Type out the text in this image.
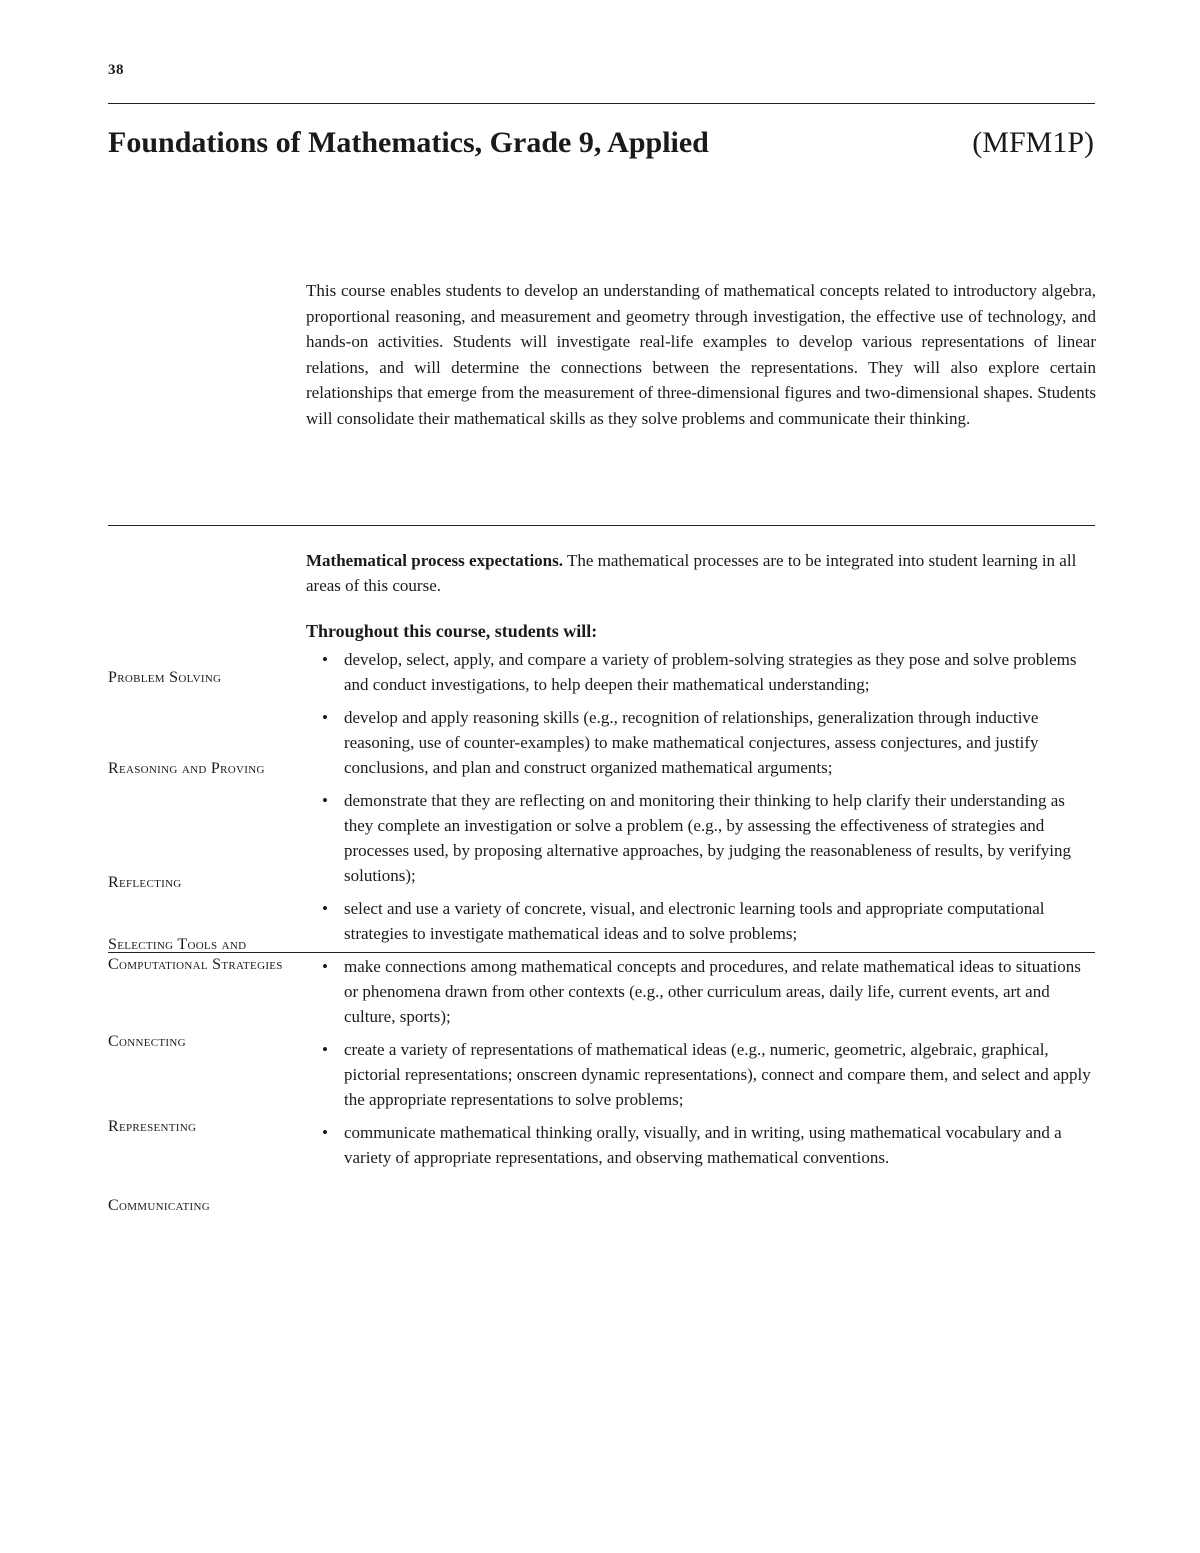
38
Foundations of Mathematics, Grade 9, Applied	(MFM1P)

This course enables students to develop an understanding of mathematical concepts related to introductory algebra, proportional reasoning, and measurement and geometry through investigation, the effective use of technology, and hands-on activities. Students will investigate real-life examples to develop various representations of linear relations, and will determine the connections between the representations. They will also explore certain relationships that emerge from the measurement of three-dimensional figures and two-dimensional shapes. Students will consolidate their mathematical skills as they solve problems and communicate their thinking.

Mathematical process expectations. The mathematical processes are to be integrated into student learning in all areas of this course.

Throughout this course, students will:

Problem Solving
Reasoning and Proving
Reflecting
Selecting Tools and Computational Strategies
Connecting
Representing
Communicating
• develop, select, apply, and compare a variety of problem-solving strategies as they pose and solve problems and conduct investigations, to help deepen their mathematical understanding;
• develop and apply reasoning skills (e.g., recognition of relationships, generalization through inductive reasoning, use of counter-examples) to make mathematical conjectures, assess conjectures, and justify conclusions, and plan and construct organized mathematical arguments;
• demonstrate that they are reflecting on and monitoring their thinking to help clarify their understanding as they complete an investigation or solve a problem (e.g., by assessing the effectiveness of strategies and processes used, by proposing alternative approaches, by judging the reasonableness of results, by verifying solutions);
• select and use a variety of concrete, visual, and electronic learning tools and appropriate computational strategies to investigate mathematical ideas and to solve problems;
• make connections among mathematical concepts and procedures, and relate mathematical ideas to situations or phenomena drawn from other contexts (e.g., other curriculum areas, daily life, current events, art and culture, sports);
• create a variety of representations of mathematical ideas (e.g., numeric, geometric, algebraic, graphical, pictorial representations; onscreen dynamic representations), connect and compare them, and select and apply the appropriate representations to solve problems;
• communicate mathematical thinking orally, visually, and in writing, using mathematical vocabulary and a variety of appropriate representations, and observing mathematical conventions.
